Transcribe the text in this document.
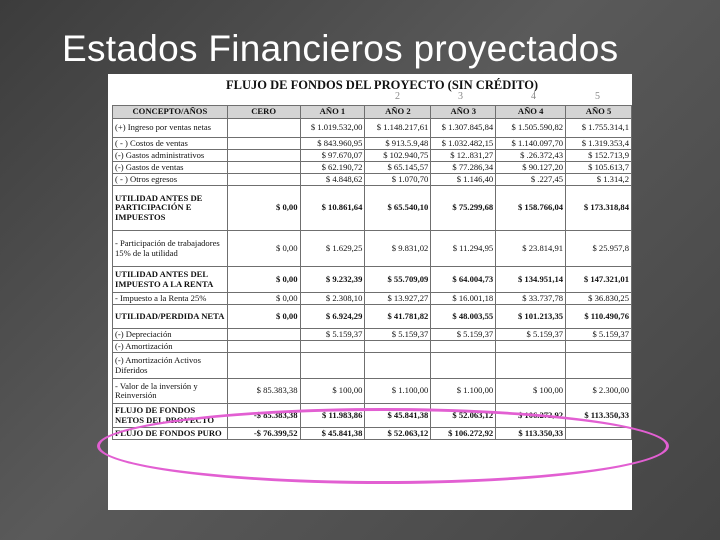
Estados Financieros proyectados
FLUJO DE FONDOS DEL PROYECTO (SIN CRÉDITO)
2	3	4	5
CONCEPTO/AÑOS	CERO	AÑO 1	AÑO 2	AÑO 3	AÑO 4	AÑO 5
(+) Ingreso por ventas netas		$ 1.019.532,00	$ 1.148.217,61	$ 1.307.845,84	$ 1.505.590,82	$ 1.755.314,1
( - ) Costos de ventas		$ 843.960,95	$ 913.5.9,48	$ 1.032.482,15	$ 1.140.097,70	$ 1.319.353,4
(-) Gastos administrativos		$ 97.670,07	$ 102.940,75	$ 12..831,27	$ .26.372,43	$ 152.713,9
(-) Gastos de ventas		$ 62.190,72	$ 65.145,57	$ 77.286,34	$ 90.127,20	$ 105.613,7
( - ) Otros egresos		$ 4.848,62	$ 1.070,70	$ 1.146,40	$ .227,45	$ 1.314,2
UTILIDAD ANTES DE PARTICIPACIÓN E IMPUESTOS	$ 0,00	$ 10.861,64	$ 65.540,10	$ 75.299,68	$ 158.766,04	$ 173.318,84
- Participación de trabajadores 15% de la utilidad	$ 0,00	$ 1.629,25	$ 9.831,02	$ 11.294,95	$ 23.814,91	$ 25.957,8
UTILIDAD ANTES DEL IMPUESTO A LA RENTA	$ 0,00	$ 9.232,39	$ 55.709,09	$ 64.004,73	$ 134.951,14	$ 147.321,01
- Impuesto a la Renta 25%	$ 0,00	$ 2.308,10	$ 13.927,27	$ 16.001,18	$ 33.737,78	$ 36.830,25
UTILIDAD/PERDIDA NETA	$ 0,00	$ 6.924,29	$ 41.781,82	$ 48.003,55	$ 101.213,35	$ 110.490,76
(-) Depreciación		$ 5.159,37	$ 5.159,37	$ 5.159,37	$ 5.159,37	$ 5.159,37
(-) Amortización						
(-) Amortización Activos Diferidos						
- Valor de la inversión y Reinversión	$ 85.383,38	$ 100,00	$ 1.100,00	$ 1.100,00	$ 100,00	$ 2.300,00
FLUJO DE FONDOS NETOS DEL PROYECTO	-$ 85.383,38	$ 11.983,86	$ 45.841,38	$ 52.063,12	$ 106.272,92	$ 113.350,33
FLUJO DE FONDOS PURO	-$ 76.399,52	$ 45.841,38	$ 52.063,12	$ 106.272,92	$ 113.350,33	
